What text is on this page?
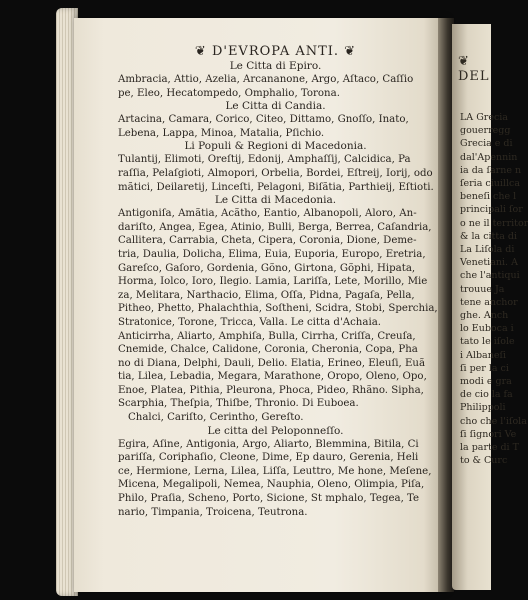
❦ DEL
LA Grecia
gouerregg
Grecia e di
dal'Apennin
ia da ſarne n
ſeria ciuillca
beneſi che l
principali ſor
o ne il territor
& la citta di
La Liſola di
Venetiani. A
che l'antiqui
trouue Ja
tene anchor
ghe. Anch
lo Euboca i
tato le iſole
i Albaneſi
ſi per la ci
modi e gra
de cio la fa
Philippoli
cho che l'iſola
ſi ſignori Ve
la parte di T
to & Curc
❦ D'EVROPA ANTI. ❦
Le Citta di Epiro.
Ambracia, Attio, Azelia, Arcananone, Argo, Aſtaco, Caſſio
pe, Eleo, Hecatompedo, Omphalio, Torona.
Le Citta di Candia.
Artacina, Camara, Corico, Citeo, Dittamo, Gnoſſo, Inato,
Lebena, Lappa, Minoa, Matalia, Pſichio.
Li Populi & Regioni di Macedonia.
Tulantij, Elimoti, Oreſtij, Edonij, Amphaſſij, Calcidica, Pa
raſſia, Pelaſgioti, Almopori, Orbelia, Bordei, Eſtreij, Iorij, odo
mãtici, Deilaretij, Linceſti, Pelagoni, Biſãtia, Parthieij, Eſtioti.
Le Citta di Macedonia.
Antigoniſa, Amãtia, Acãtho, Eantio, Albanopoli, Aloro, An-
dariſto, Angea, Egea, Atinio, Bulli, Berga, Berrea, Caſandria,
Callitera, Carrabia, Cheta, Cipera, Coronia, Dione, Deme-
tria, Daulia, Dolicha, Elima, Euia, Euporia, Europo, Eretria,
Gareſco, Gaſoro, Gordenia, Gõno, Girtona, Gõphi, Hipata,
Horma, Iolco, Ioro, Ilegio. Lamia, Lariſſa, Lete, Morillo, Mie
za, Melitara, Narthacio, Elima, Oſſa, Pidna, Pagaſa, Pella,
Pitheo, Phetto, Phalachthia, Soſtheni, Scidra, Stobi, Sperchia,
Stratonice, Torone, Tricca, Valla. Le citta d'Achaia.
Anticirrha, Aliarto, Amphiſa, Bulla, Cirrha, Criſſa, Creuſa,
Cnemide, Chalce, Calidone, Coronia, Cheronia, Copa, Pha
no di Diana, Delphi, Dauli, Delio. Elatia, Erineo, Eleuſi, Euã
tia, Lilea, Lebadia, Megara, Marathone, Oropo, Oleno, Opo,
Enoe, Platea, Pithia, Pleurona, Phoca, Pideo, Rhãno. Sipha,
Scarphia, Theſpia, Thiſbe, Thronio. Di Euboea.
Chalci, Cariſto, Cerintho, Gereſto.
Le citta del Peloponneſſo.
Egira, Aſine, Antigonia, Argo, Aliarto, Blemmina, Bitila, Ci
pariſſa, Coriphaſio, Cleone, Dime, Ep dauro, Gerenia, Heli
ce, Hermione, Lerna, Lilea, Liſſa, Leuttro, Me hone, Meſene,
Micena, Megalipoli, Nemea, Nauphia, Oleno, Olimpia, Piſa,
Philo, Praſia, Scheno, Porto, Sicione, St mphalo, Tegea, Te
nario, Timpania, Troicena, Teutrona.
